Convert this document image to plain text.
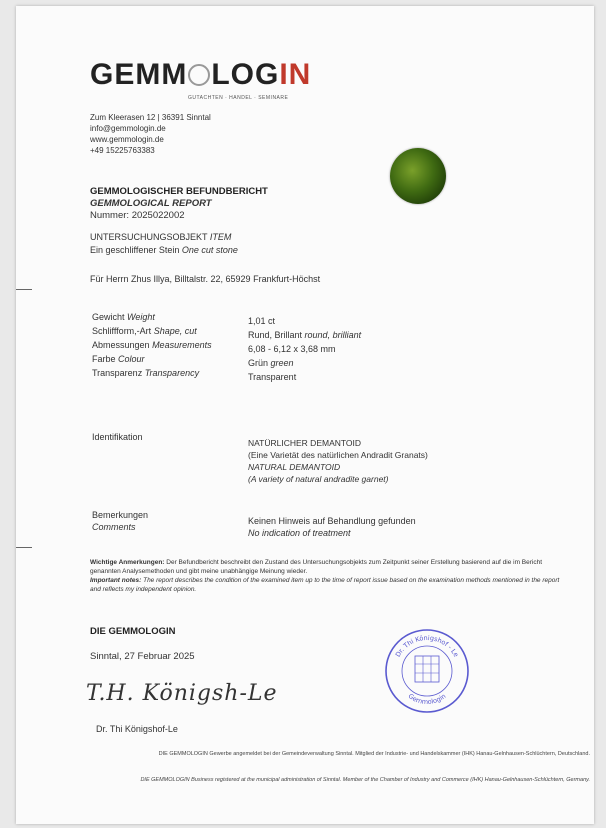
GEMM LOGIN
GUTACHTEN · HANDEL · SEMINARE
Zum Kleerasen 12 | 36391 Sinntal
info@gemmologin.de
www.gemmologin.de
+49 15225763383
GEMMOLOGISCHER BEFUNDBERICHT
GEMMOLOGICAL REPORT
Nummer: 2025022002
UNTERSUCHUNGSOBJEKT ITEM
Ein geschliffener Stein One cut stone
Für Herrn Zhus Illya, Billtalstr. 22, 65929 Frankfurt-Höchst
Gewicht Weight	1,01 ct
Schliffform,-Art Shape, cut	Rund, Brillant round, brilliant
Abmessungen Measurements	6,08 - 6,12 x 3,68 mm
Farbe Colour	Grün green
Transparenz Transparency	Transparent
Identifikation
NATÜRLICHER DEMANTOID
(Eine Varietät des natürlichen Andradit Granats)
NATURAL DEMANTOID
(A variety of natural andradite garnet)
Bemerkungen
Comments
Keinen Hinweis auf Behandlung gefunden
No indication of treatment
Wichtige Anmerkungen: Der Befundbericht beschreibt den Zustand des Untersuchungsobjekts zum Zeitpunkt seiner Erstellung basierend auf die im Bericht genannten Analysemethoden und gibt meine unabhängige Meinung wieder.
Important notes: The report describes the condition of the examined item up to the time of report issue based on the examination methods mentioned in the report and reflects my independent opinion.
DIE GEMMOLOGIN
Sinntal, 27 Februar 2025
T.H. Königsh-Le
Dr. Thi Königshof-Le
Dr. Thi Königshof - Le
Gemmologin
DIE GEMMOLOGIN Gewerbe angemeldet bei der Gemeindeverwaltung Sinntal. Mitglied der Industrie- und Handelskammer (IHK) Hanau-Gelnhausen-Schlüchtern, Deutschland.
DIE GEMMOLOGIN Business registered at the municipal administration of Sinntal. Member of the Chamber of Industry and Commerce (IHK) Hanau-Gelnhausen-Schlüchtern, Germany.
